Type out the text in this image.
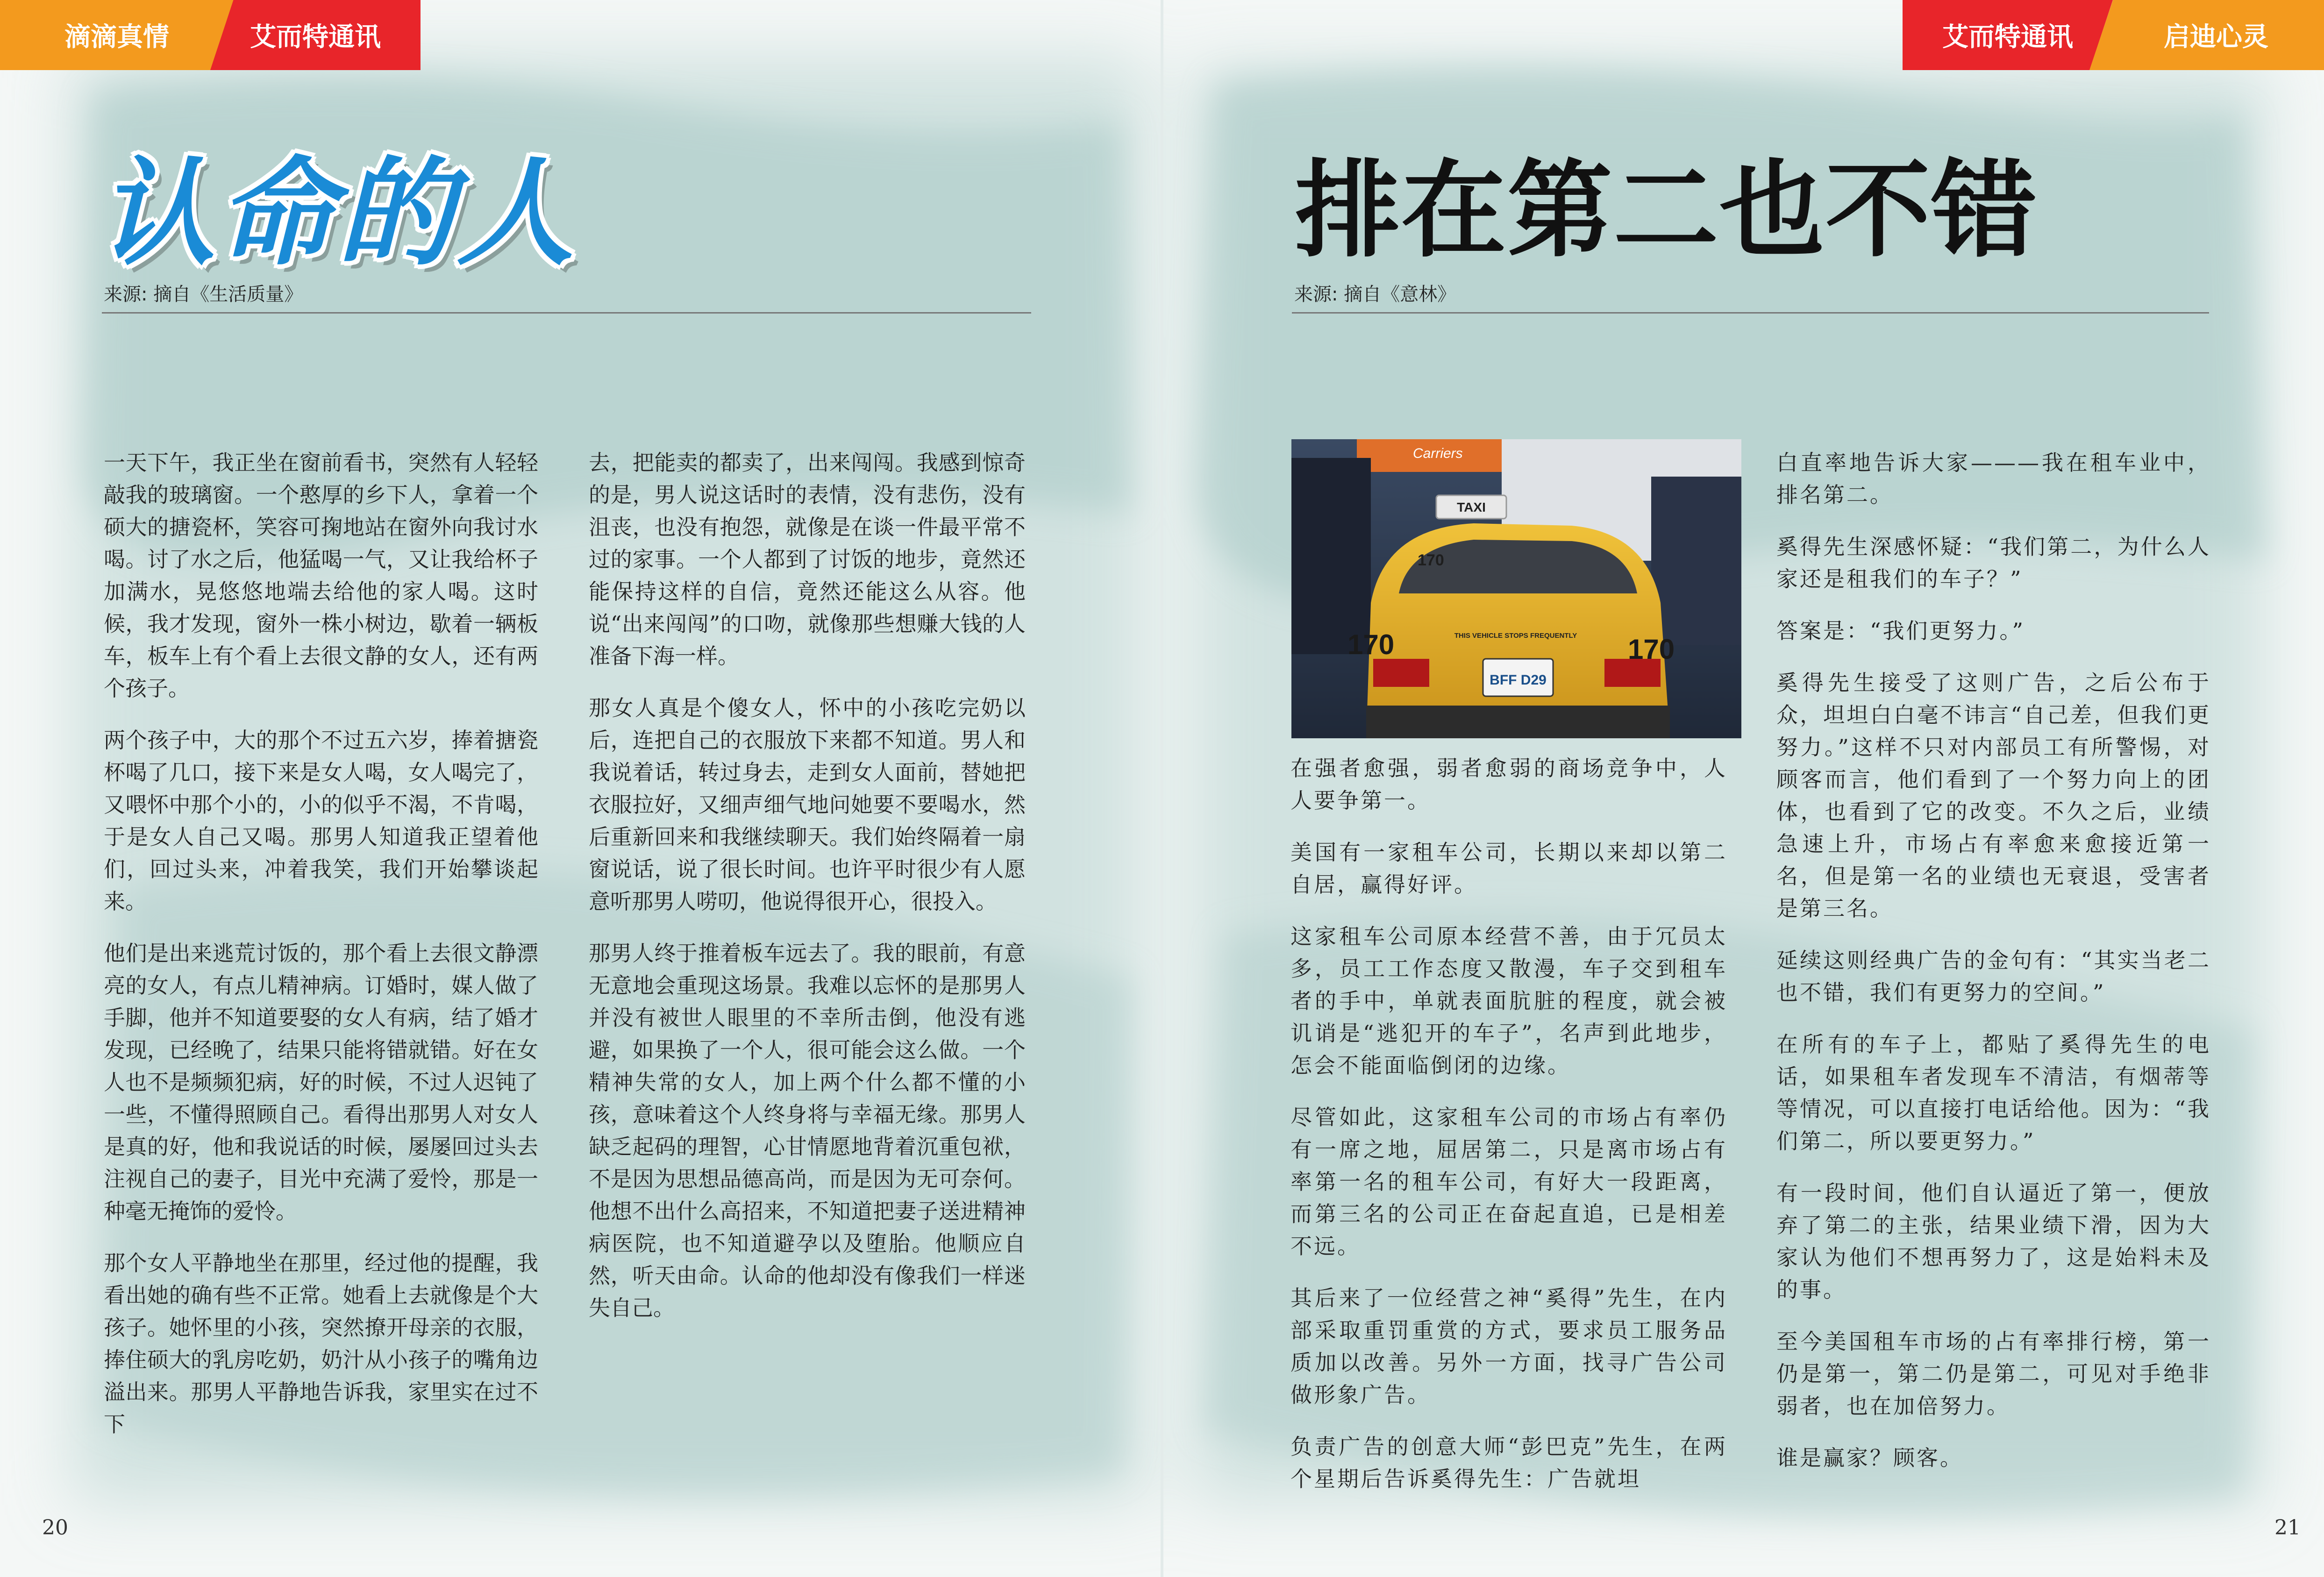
滴滴真情	艾而特通讯
认命的人
来源: 摘自《生活质量》

一天下午，我正坐在窗前看书，突然有人轻轻敲我的玻璃窗。一个憨厚的乡下人，拿着一个硕大的搪瓷杯，笑容可掬地站在窗外向我讨水喝。讨了水之后，他猛喝一气，又让我给杯子加满水，晃悠悠地端去给他的家人喝。这时候，我才发现，窗外一株小树边，歇着一辆板车，板车上有个看上去很文静的女人，还有两个孩子。

两个孩子中，大的那个不过五六岁，捧着搪瓷杯喝了几口，接下来是女人喝，女人喝完了，又喂怀中那个小的，小的似乎不渴，不肯喝，于是女人自己又喝。那男人知道我正望着他们，回过头来，冲着我笑，我们开始攀谈起来。

他们是出来逃荒讨饭的，那个看上去很文静漂亮的女人，有点儿精神病。订婚时，媒人做了手脚，他并不知道要娶的女人有病，结了婚才发现，已经晚了，结果只能将错就错。好在女人也不是频频犯病，好的时候，不过人迟钝了一些，不懂得照顾自己。看得出那男人对女人是真的好，他和我说话的时候，屡屡回过头去注视自己的妻子，目光中充满了爱怜，那是一种毫无掩饰的爱怜。

那个女人平静地坐在那里，经过他的提醒，我看出她的确有些不正常。她看上去就像是个大孩子。她怀里的小孩，突然撩开母亲的衣服，捧住硕大的乳房吃奶，奶汁从小孩子的嘴角边溢出来。那男人平静地告诉我，家里实在过不下

去，把能卖的都卖了，出来闯闯。我感到惊奇的是，男人说这话时的表情，没有悲伤，没有沮丧，也没有抱怨，就像是在谈一件最平常不过的家事。一个人都到了讨饭的地步，竟然还能保持这样的自信，竟然还能这么从容。他说“出来闯闯”的口吻，就像那些想赚大钱的人准备下海一样。

那女人真是个傻女人，怀中的小孩吃完奶以后，连把自己的衣服放下来都不知道。男人和我说着话，转过身去，走到女人面前，替她把衣服拉好，又细声细气地问她要不要喝水，然后重新回来和我继续聊天。我们始终隔着一扇窗说话，说了很长时间。也许平时很少有人愿意听那男人唠叨，他说得很开心，很投入。

那男人终于推着板车远去了。我的眼前，有意无意地会重现这场景。我难以忘怀的是那男人并没有被世人眼里的不幸所击倒，他没有逃避，如果换了一个人，很可能会这么做。一个精神失常的女人，加上两个什么都不懂的小孩，意味着这个人终身将与幸福无缘。那男人缺乏起码的理智，心甘情愿地背着沉重包袱，不是因为思想品德高尚，而是因为无可奈何。他想不出什么高招来，不知道把妻子送进精神病医院，也不知道避孕以及堕胎。他顺应自然，听天由命。认命的他却没有像我们一样迷失自己。

20
艾而特通讯	启迪心灵
排在第二也不错
来源: 摘自《意林》
Carriers
TAXI
170
170	170
THIS VEHICLE STOPS FREQUENTLY
BFF D29

在强者愈强，弱者愈弱的商场竞争中，人人要争第一。

美国有一家租车公司，长期以来却以第二自居，赢得好评。

这家租车公司原本经营不善，由于冗员太多，员工工作态度又散漫，车子交到租车者的手中，单就表面肮脏的程度，就会被讥诮是“逃犯开的车子”，名声到此地步，怎会不能面临倒闭的边缘。

尽管如此，这家租车公司的市场占有率仍有一席之地，屈居第二，只是离市场占有率第一名的租车公司，有好大一段距离，而第三名的公司正在奋起直追，已是相差不远。

其后来了一位经营之神“奚得”先生，在内部采取重罚重赏的方式，要求员工服务品质加以改善。另外一方面，找寻广告公司做形象广告。

负责广告的创意大师“彭巴克”先生，在两个星期后告诉奚得先生：广告就坦

白直率地告诉大家———我在租车业中，排名第二。

奚得先生深感怀疑：“我们第二，为什么人家还是租我们的车子？”

答案是：“我们更努力。”

奚得先生接受了这则广告，之后公布于众，坦坦白白毫不讳言“自己差，但我们更努力。”这样不只对内部员工有所警惕，对顾客而言，他们看到了一个努力向上的团体，也看到了它的改变。不久之后，业绩急速上升，市场占有率愈来愈接近第一名，但是第一名的业绩也无衰退，受害者是第三名。

延续这则经典广告的金句有：“其实当老二也不错，我们有更努力的空间。”

在所有的车子上，都贴了奚得先生的电话，如果租车者发现车不清洁，有烟蒂等等情况，可以直接打电话给他。因为：“我们第二，所以要更努力。”

有一段时间，他们自认逼近了第一，便放弃了第二的主张，结果业绩下滑，因为大家认为他们不想再努力了，这是始料未及的事。

至今美国租车市场的占有率排行榜，第一仍是第一，第二仍是第二，可见对手绝非弱者，也在加倍努力。

谁是赢家？顾客。

21
